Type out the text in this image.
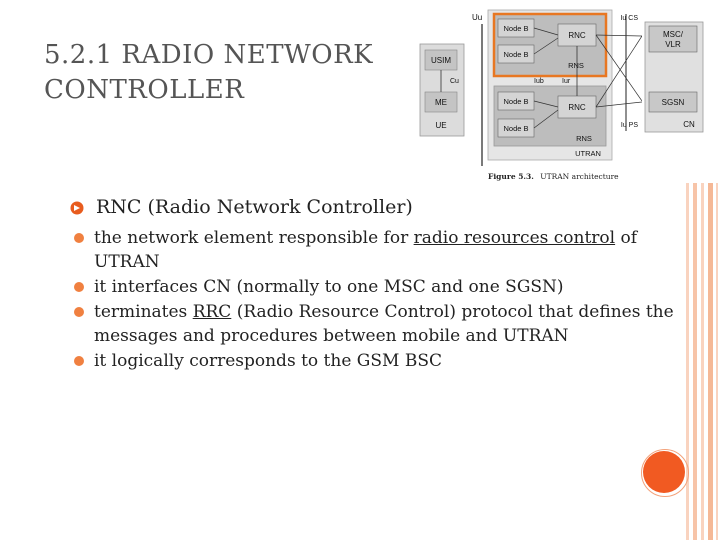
5.2.1 RADIO NETWORK
CONTROLLER
USIM
ME
Cu
UE
Uu
Node B
Node B
RNC
RNS
Node B
Node B
RNC
RNS
UTRAN
Iub	Iur
Iu CS
Iu PS
Figure 5.3. UTRAN architecture
MSC/
VLR
SGSN
CN
RNC (Radio Network Controller)
the network element responsible for radio resources control of UTRAN
it interfaces CN (normally to one MSC and one SGSN)
terminates RRC (Radio Resource Control) protocol that defines the messages and procedures between mobile and UTRAN
it logically corresponds to the GSM BSC
